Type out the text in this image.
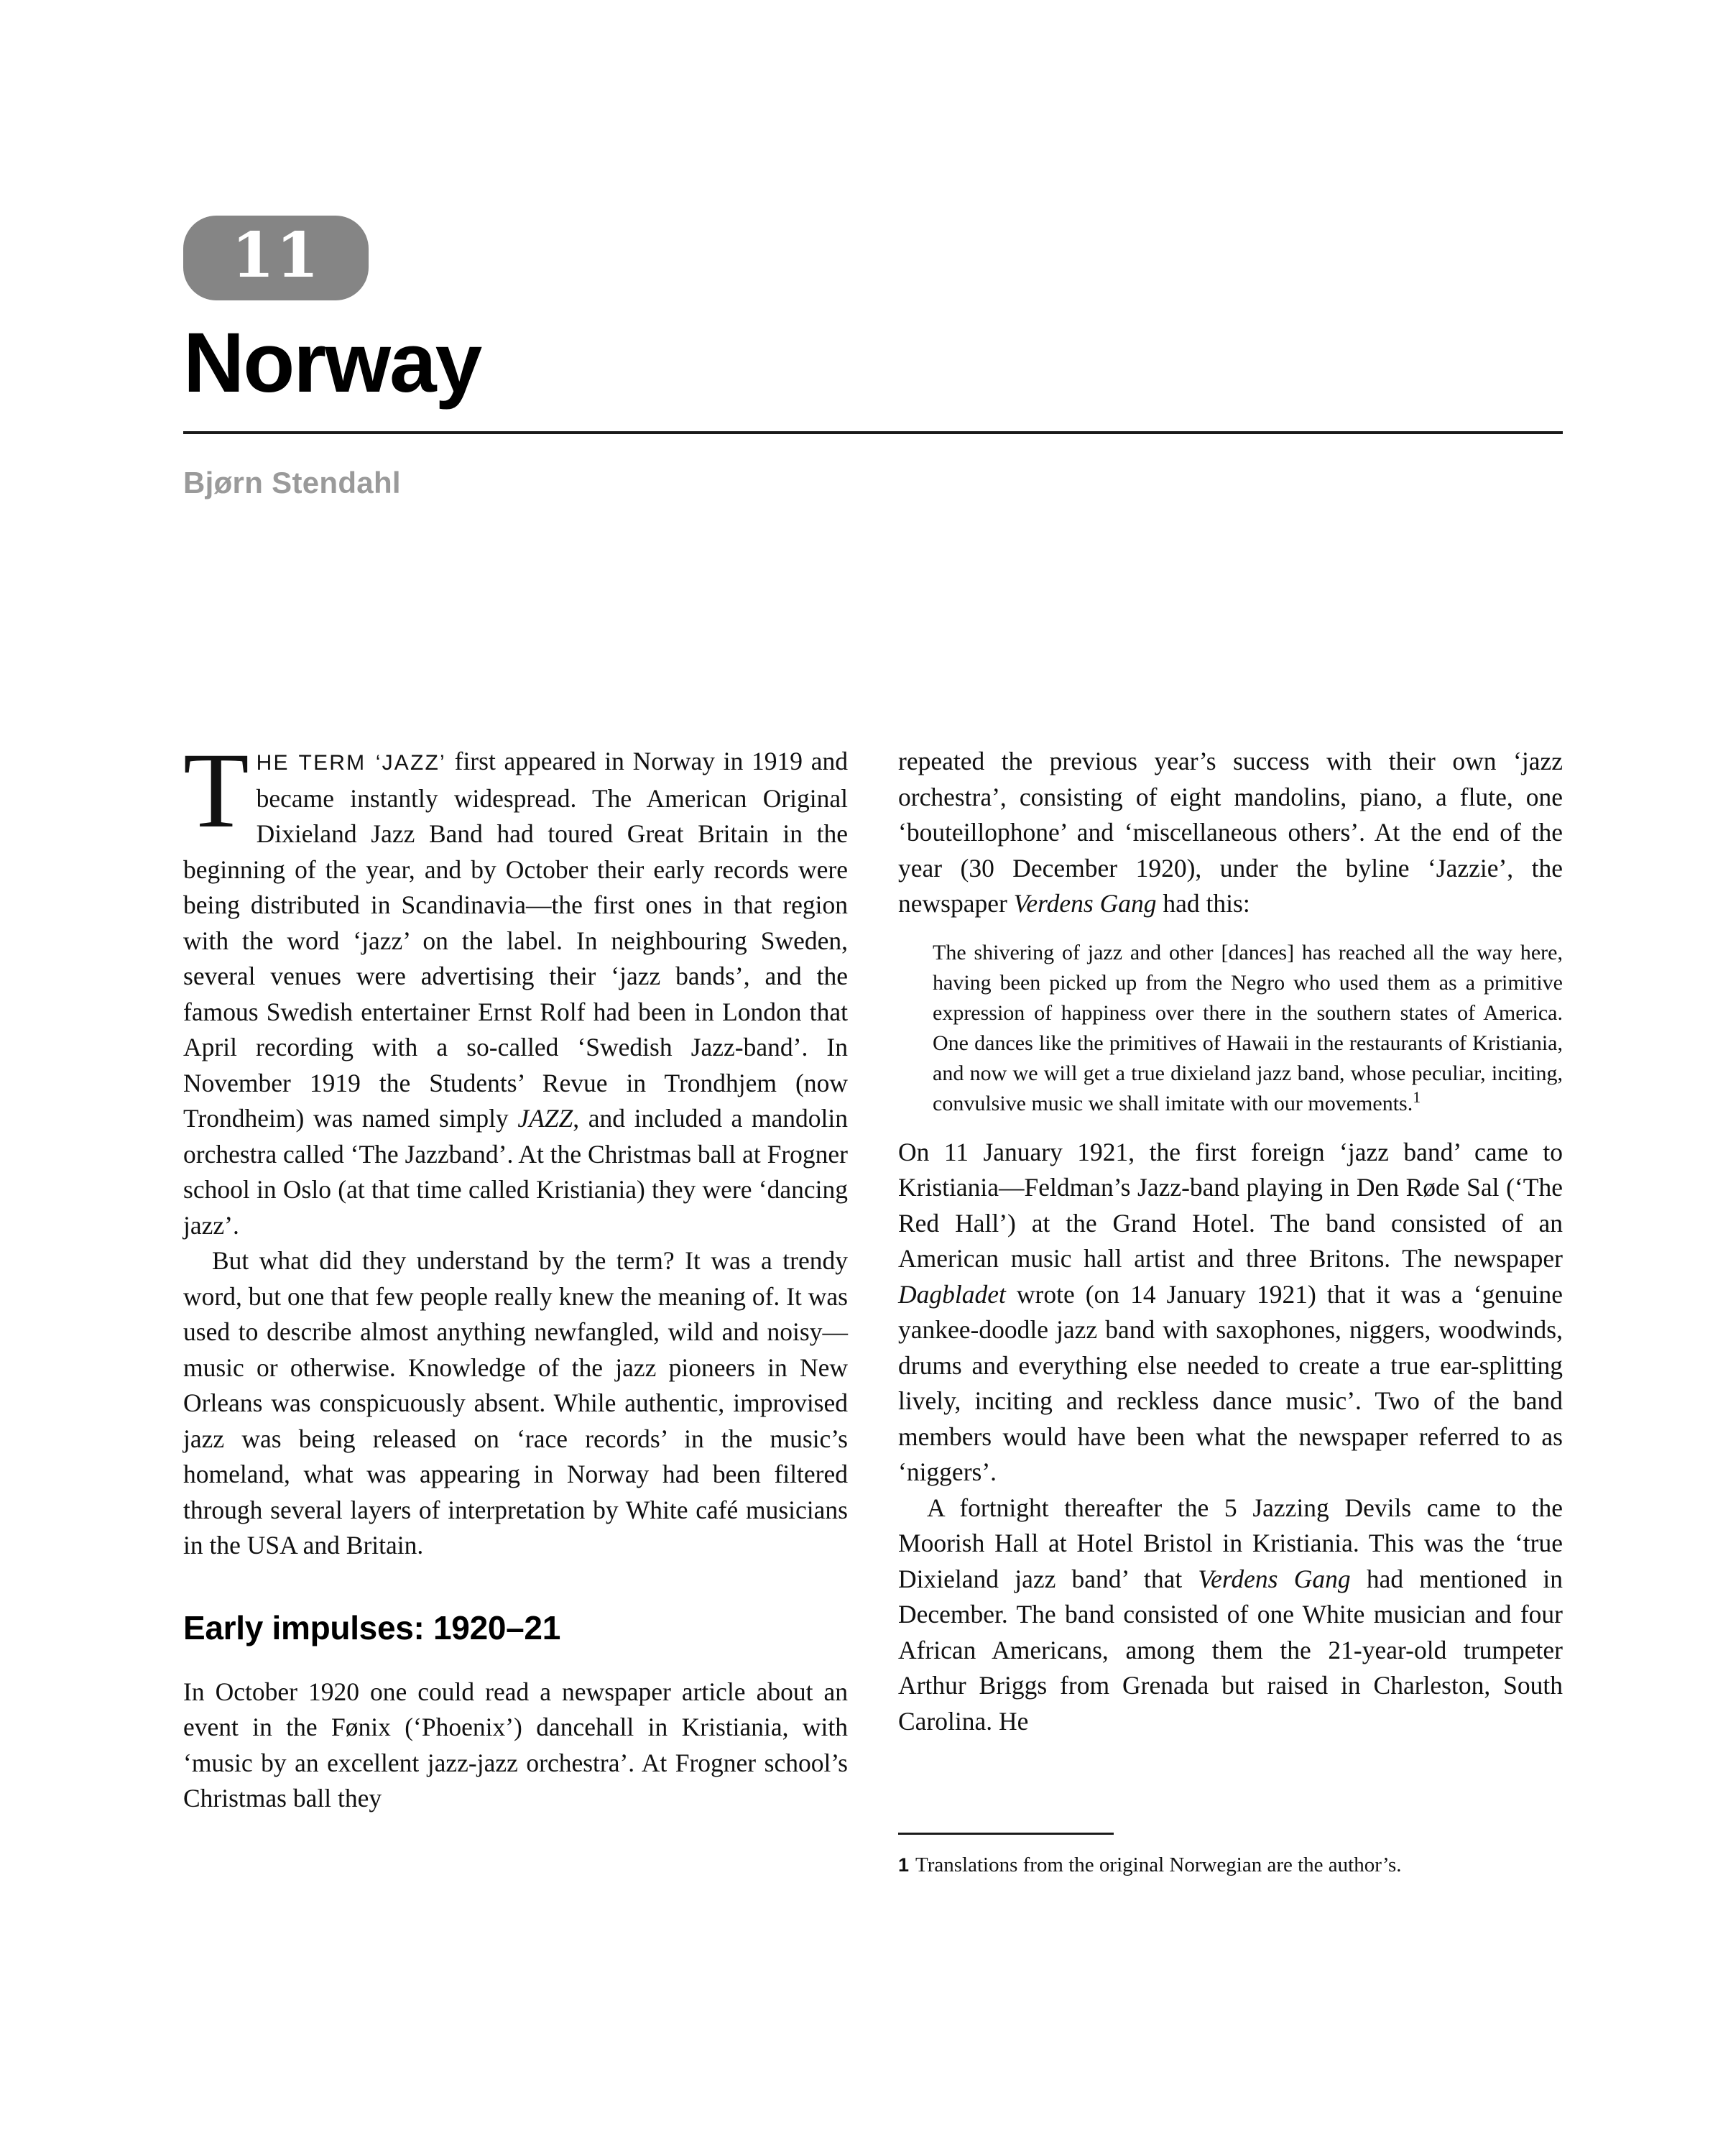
11
Norway
Bjørn Stendahl

THE TERM ‘JAZZ’ first appeared in Norway in 1919 and became instantly widespread. The American Original Dixieland Jazz Band had toured Great Britain in the beginning of the year, and by October their early records were being distributed in Scandinavia—the first ones in that region with the word ‘jazz’ on the label. In neighbouring Sweden, several venues were advertising their ‘jazz bands’, and the famous Swedish entertainer Ernst Rolf had been in London that April recording with a so-called ‘Swedish Jazz-band’. In November 1919 the Students’ Revue in Trondhjem (now Trondheim) was named simply JAZZ, and included a mandolin orchestra called ‘The Jazzband’. At the Christmas ball at Frogner school in Oslo (at that time called Kristiania) they were ‘dancing jazz’.

But what did they understand by the term? It was a trendy word, but one that few people really knew the meaning of. It was used to describe almost anything newfangled, wild and noisy—music or otherwise. Knowledge of the jazz pioneers in New Orleans was conspicuously absent. While authentic, improvised jazz was being released on ‘race records’ in the music’s homeland, what was appearing in Norway had been filtered through several layers of interpretation by White café musicians in the USA and Britain.

Early impulses: 1920–21

In October 1920 one could read a newspaper article about an event in the Fønix (‘Phoenix’) dancehall in Kristiania, with ‘music by an excellent jazz-jazz orchestra’. At Frogner school’s Christmas ball they

repeated the previous year’s success with their own ‘jazz orchestra’, consisting of eight mandolins, piano, a flute, one ‘bouteillophone’ and ‘miscellaneous others’. At the end of the year (30 December 1920), under the byline ‘Jazzie’, the newspaper Verdens Gang had this:

The shivering of jazz and other [dances] has reached all the way here, having been picked up from the Negro who used them as a primitive expression of happiness over there in the southern states of America. One dances like the primitives of Hawaii in the restaurants of Kristiania, and now we will get a true dixieland jazz band, whose peculiar, inciting, convulsive music we shall imitate with our movements.$^1$

On 11 January 1921, the first foreign ‘jazz band’ came to Kristiania—Feldman’s Jazz-band playing in Den Røde Sal (‘The Red Hall’) at the Grand Hotel. The band consisted of an American music hall artist and three Britons. The newspaper Dagbladet wrote (on 14 January 1921) that it was a ‘genuine yankee-doodle jazz band with saxophones, niggers, woodwinds, drums and everything else needed to create a true ear-splitting lively, inciting and reckless dance music’. Two of the band members would have been what the newspaper referred to as ‘niggers’.

A fortnight thereafter the 5 Jazzing Devils came to the Moorish Hall at Hotel Bristol in Kristiania. This was the ‘true Dixieland jazz band’ that Verdens Gang had mentioned in December. The band consisted of one White musician and four African Americans, among them the 21-year-old trumpeter Arthur Briggs from Grenada but raised in Charleston, South Carolina. He

1 Translations from the original Norwegian are the author’s.
